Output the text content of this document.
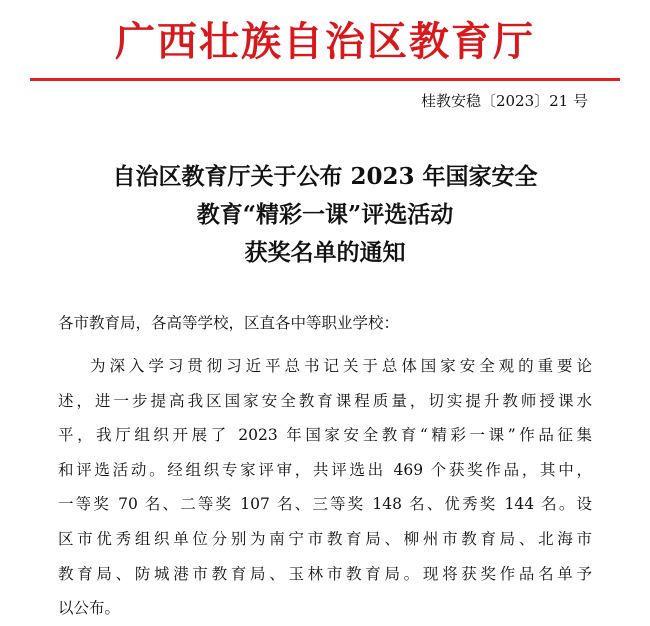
广西壮族自治区教育厅
桂教安稳〔2023〕21 号
自治区教育厅关于公布 2023 年国家安全
教育“精彩一课”评选活动
获奖名单的通知
各市教育局，各高等学校，区直各中等职业学校：
为深入学习贯彻习近平总书记关于总体国家安全观的重要论
述，进一步提高我区国家安全教育课程质量，切实提升教师授课水
平，我厅组织开展了 2023 年国家安全教育“精彩一课”作品征集
和评选活动。经组织专家评审，共评选出 469 个获奖作品，其中，
一等奖 70 名、二等奖 107 名、三等奖 148 名、优秀奖 144 名。设
区市优秀组织单位分别为南宁市教育局、柳州市教育局、北海市
教育局、防城港市教育局、玉林市教育局。现将获奖作品名单予
以公布。
